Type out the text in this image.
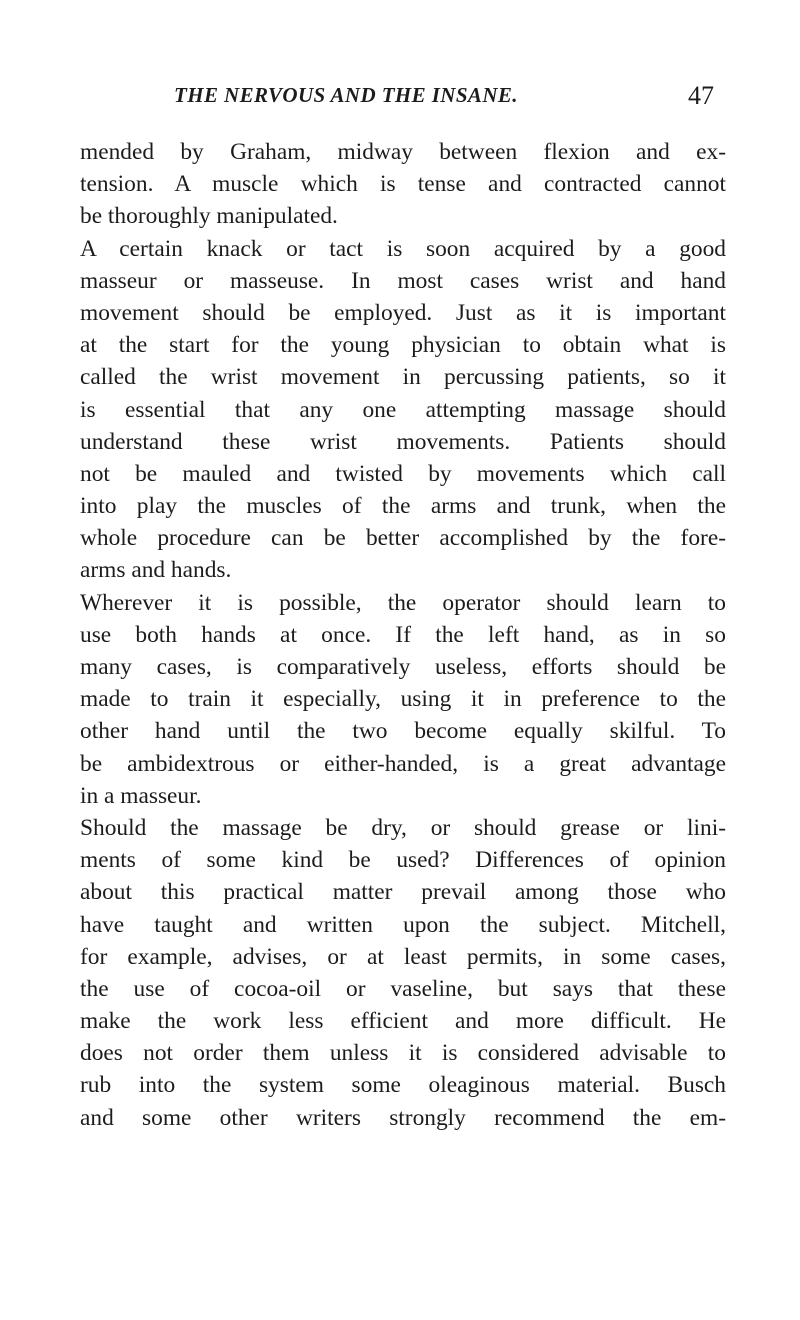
THE NERVOUS AND THE INSANE.	47
mended by Graham, midway between flexion and ex-
tension. A muscle which is tense and contracted cannot
be thoroughly manipulated.
A certain knack or tact is soon acquired by a good
masseur or masseuse. In most cases wrist and hand
movement should be employed. Just as it is important
at the start for the young physician to obtain what is
called the wrist movement in percussing patients, so it
is essential that any one attempting massage should
understand these wrist movements. Patients should
not be mauled and twisted by movements which call
into play the muscles of the arms and trunk, when the
whole procedure can be better accomplished by the fore-
arms and hands.
Wherever it is possible, the operator should learn to
use both hands at once. If the left hand, as in so
many cases, is comparatively useless, efforts should be
made to train it especially, using it in preference to the
other hand until the two become equally skilful. To
be ambidextrous or either-handed, is a great advantage
in a masseur.
Should the massage be dry, or should grease or lini-
ments of some kind be used? Differences of opinion
about this practical matter prevail among those who
have taught and written upon the subject. Mitchell,
for example, advises, or at least permits, in some cases,
the use of cocoa-oil or vaseline, but says that these
make the work less efficient and more difficult. He
does not order them unless it is considered advisable to
rub into the system some oleaginous material. Busch
and some other writers strongly recommend the em-
